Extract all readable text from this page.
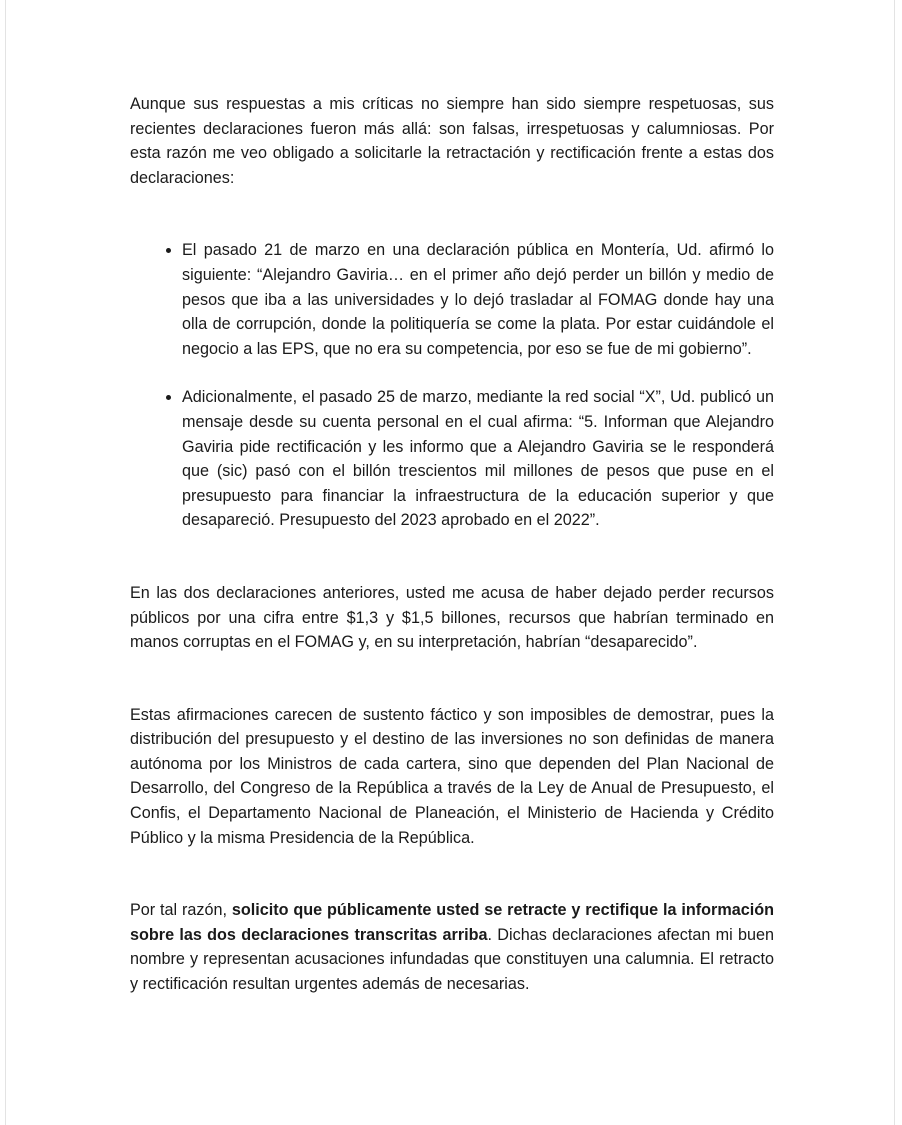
Aunque sus respuestas a mis críticas no siempre han sido siempre respetuosas, sus recientes declaraciones fueron más allá: son falsas, irrespetuosas y calumniosas. Por esta razón me veo obligado a solicitarle la retractación y rectificación frente a estas dos declaraciones:

• El pasado 21 de marzo en una declaración pública en Montería, Ud. afirmó lo siguiente: “Alejandro Gaviria… en el primer año dejó perder un billón y medio de pesos que iba a las universidades y lo dejó trasladar al FOMAG donde hay una olla de corrupción, donde la politiquería se come la plata. Por estar cuidándole el negocio a las EPS, que no era su competencia, por eso se fue de mi gobierno”.
• Adicionalmente, el pasado 25 de marzo, mediante la red social “X”, Ud. publicó un mensaje desde su cuenta personal en el cual afirma: “5. Informan que Alejandro Gaviria pide rectificación y les informo que a Alejandro Gaviria se le responderá que (sic) pasó con el billón trescientos mil millones de pesos que puse en el presupuesto para financiar la infraestructura de la educación superior y que desapareció. Presupuesto del 2023 aprobado en el 2022”.

En las dos declaraciones anteriores, usted me acusa de haber dejado perder recursos públicos por una cifra entre $1,3 y $1,5 billones, recursos que habrían terminado en manos corruptas en el FOMAG y, en su interpretación, habrían “desaparecido”.

Estas afirmaciones carecen de sustento fáctico y son imposibles de demostrar, pues la distribución del presupuesto y el destino de las inversiones no son definidas de manera autónoma por los Ministros de cada cartera, sino que dependen del Plan Nacional de Desarrollo, del Congreso de la República a través de la Ley de Anual de Presupuesto, el Confis, el Departamento Nacional de Planeación, el Ministerio de Hacienda y Crédito Público y la misma Presidencia de la República.

Por tal razón, solicito que públicamente usted se retracte y rectifique la información sobre las dos declaraciones transcritas arriba. Dichas declaraciones afectan mi buen nombre y representan acusaciones infundadas que constituyen una calumnia. El retracto y rectificación resultan urgentes además de necesarias.
